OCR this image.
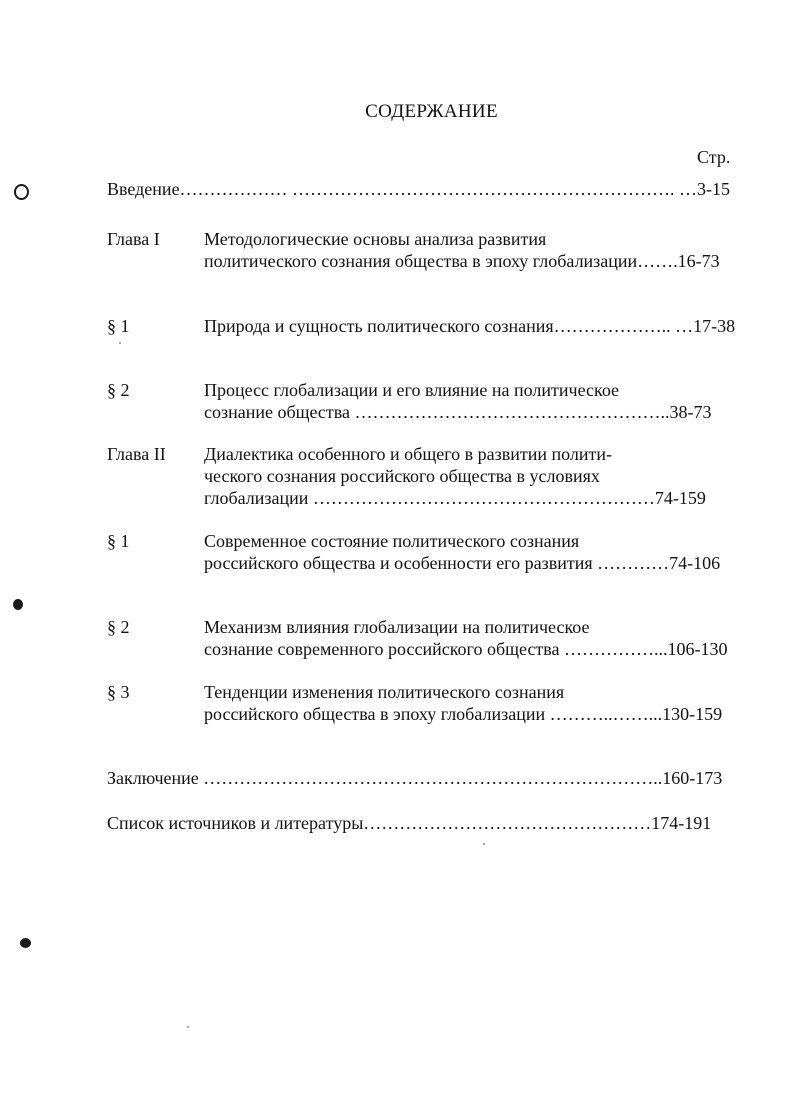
СОДЕРЖАНИЕ
Стр.
Введение……………… ………………………………………………………. …3-15
Глава I Методологические основы анализа развития
политического сознания общества в эпоху глобализации…….16-73
§ 1	Природа и сущность политического сознания……………….. …17-38
§ 2	Процесс глобализации и его влияние на политическое
сознание общества ……………………………………………..38-73
Глава II Диалектика особенного и общего в развитии полити-
ческого сознания российского общества в условиях
глобализации …………………………………………………74-159
§ 1	Современное состояние политического сознания
российского общества и особенности его развития …………74-106
§ 2	Механизм влияния глобализации на политическое
сознание современного российского общества ……………...106-130
§ 3	Тенденции изменения политического сознания
российского общества в эпоху глобализации ………..……...130-159
Заключение …………………………………………………………………..160-173
Список источников и литературы…………………………………………174-191
